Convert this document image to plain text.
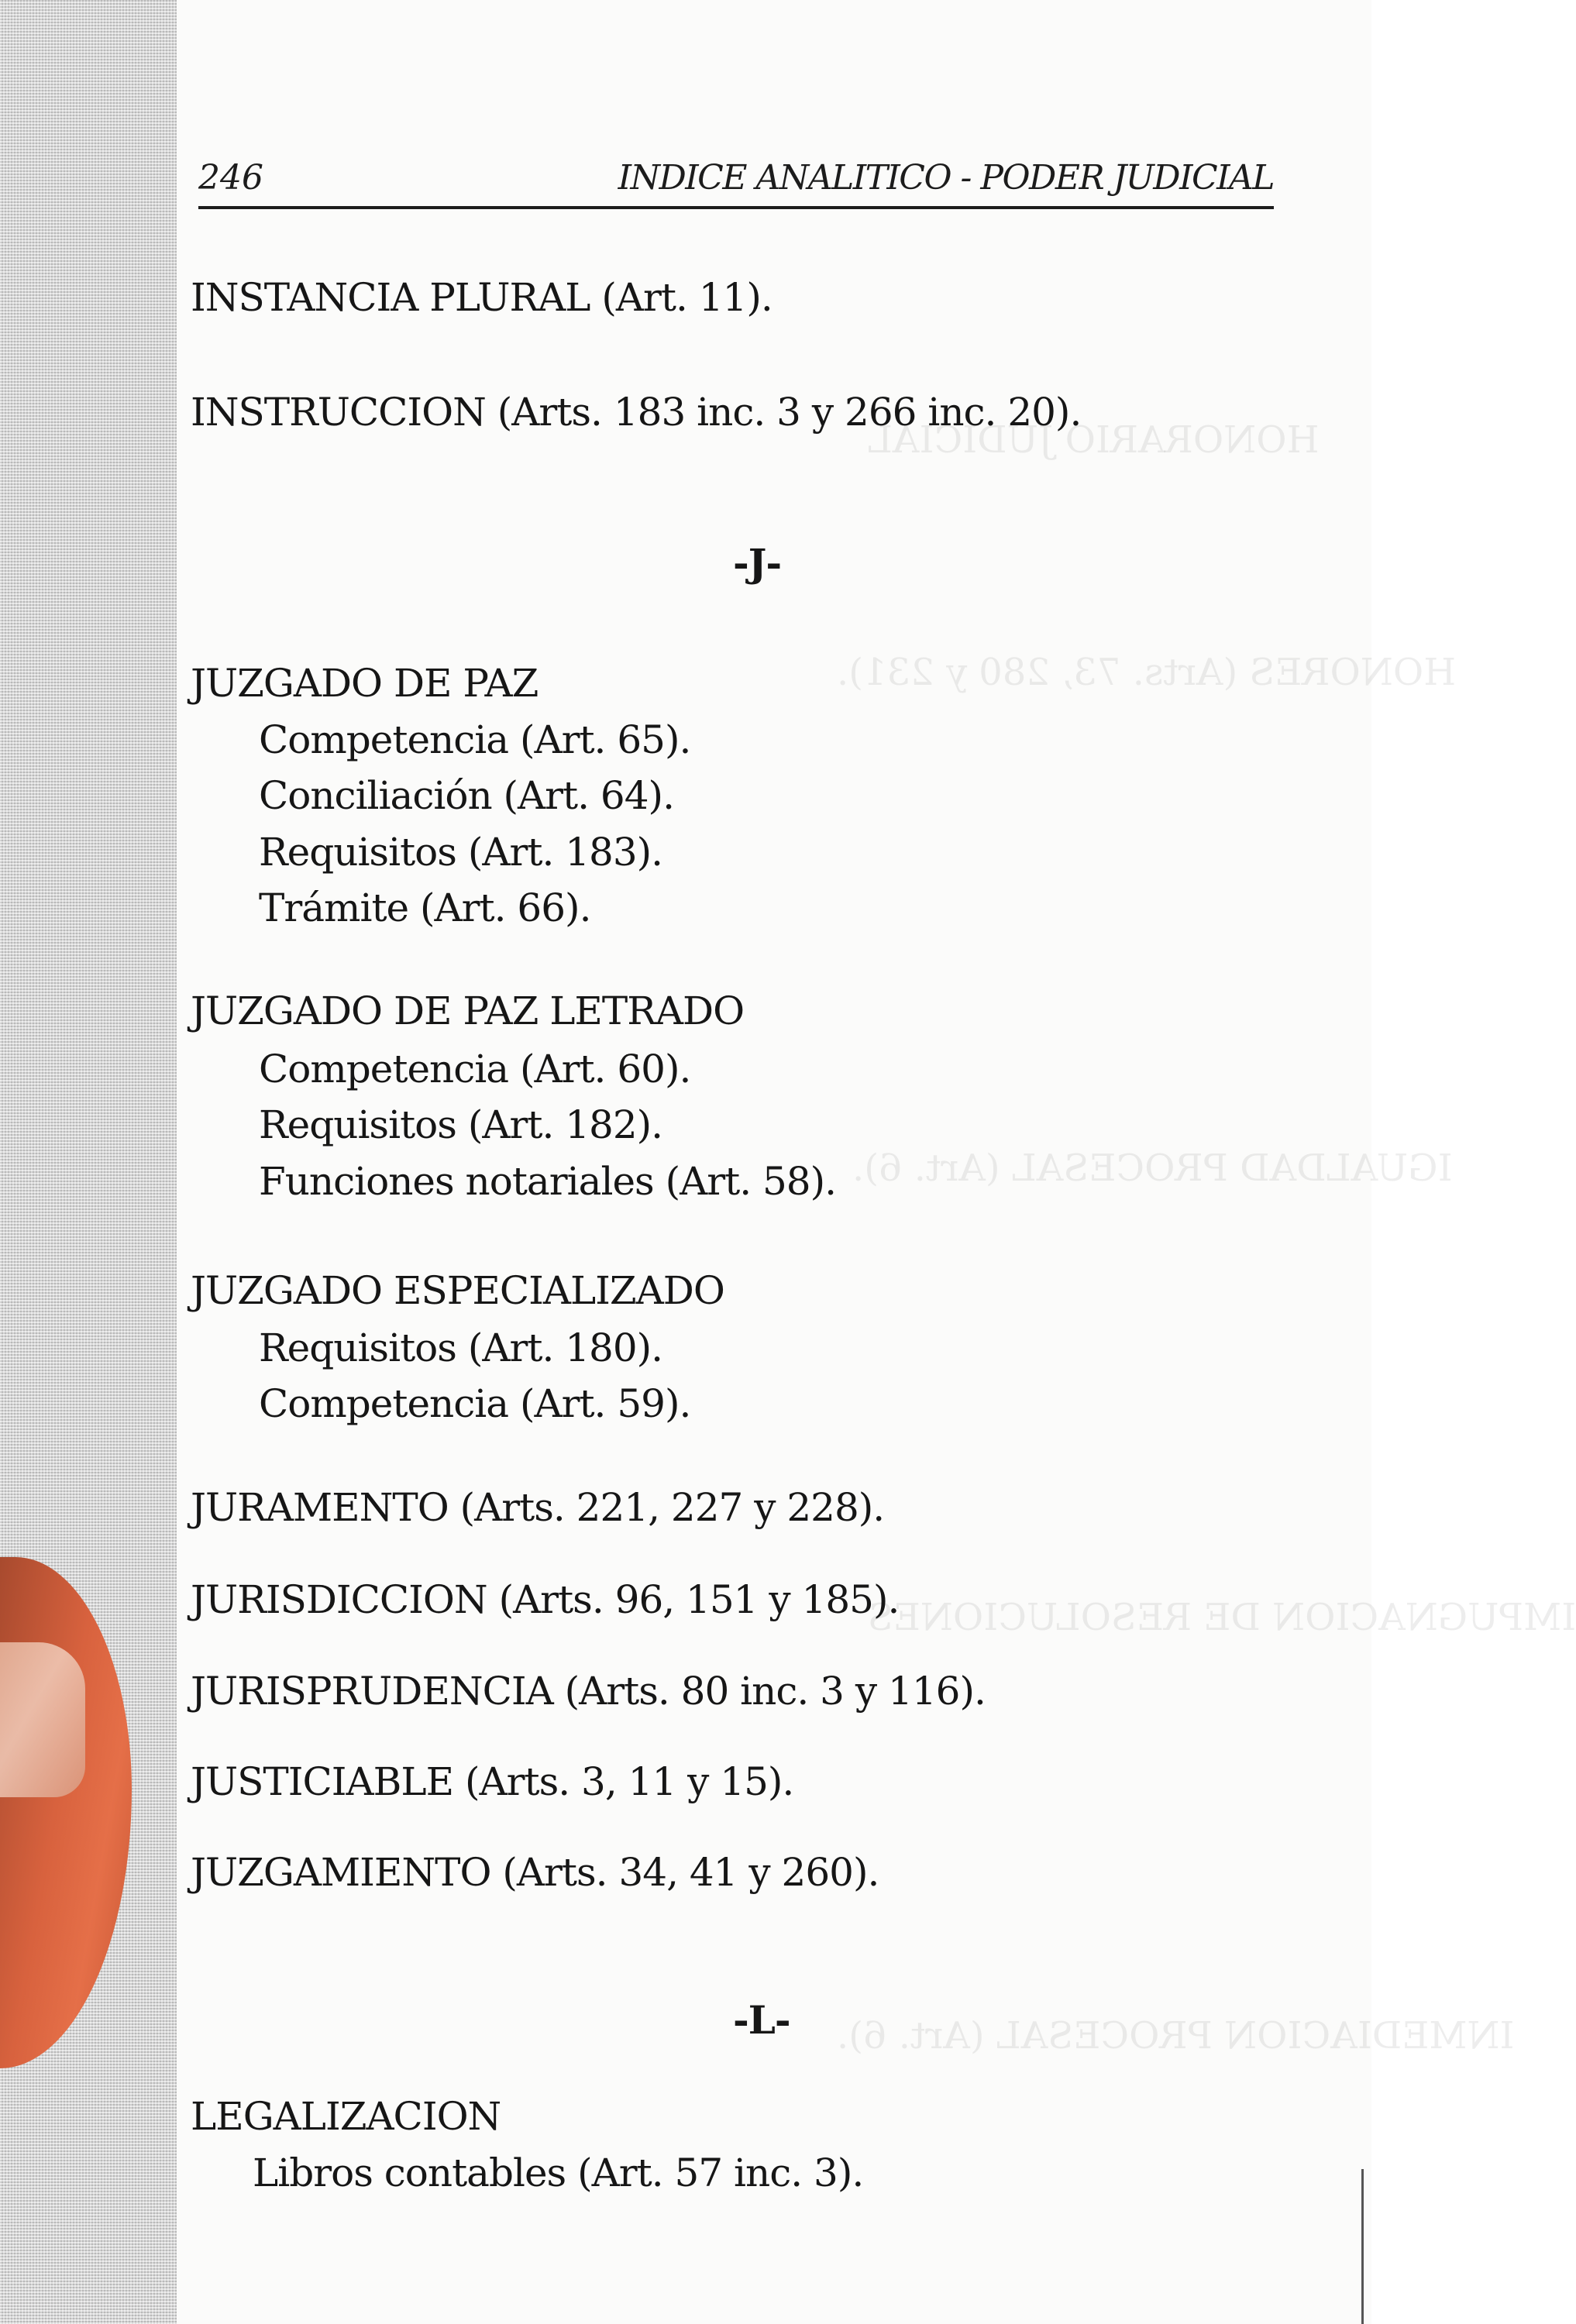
HONORARIO JUDICIAL
HONORES (Arts. 73, 280 y 231).
IGUALDAD PROCESAL (Art. 6).
IMPUGNACION DE RESOLUCIONES
INMEDIACION PROCESAL (Art. 6).
246	INDICE ANALITICO - PODER JUDICIAL
INSTANCIA PLURAL (Art. 11).
INSTRUCCION (Arts. 183 inc. 3 y 266 inc. 20).
-J-
JUZGADO DE PAZ
Competencia (Art. 65).
Conciliación (Art. 64).
Requisitos (Art. 183).
Trámite (Art. 66).
JUZGADO DE PAZ LETRADO
Competencia (Art. 60).
Requisitos (Art. 182).
Funciones notariales (Art. 58).
JUZGADO ESPECIALIZADO
Requisitos (Art. 180).
Competencia (Art. 59).
JURAMENTO (Arts. 221, 227 y 228).
JURISDICCION (Arts. 96, 151 y 185).
JURISPRUDENCIA (Arts. 80 inc. 3 y 116).
JUSTICIABLE (Arts. 3, 11 y 15).
JUZGAMIENTO (Arts. 34, 41 y 260).
-L-
LEGALIZACION
Libros contables (Art. 57 inc. 3).
